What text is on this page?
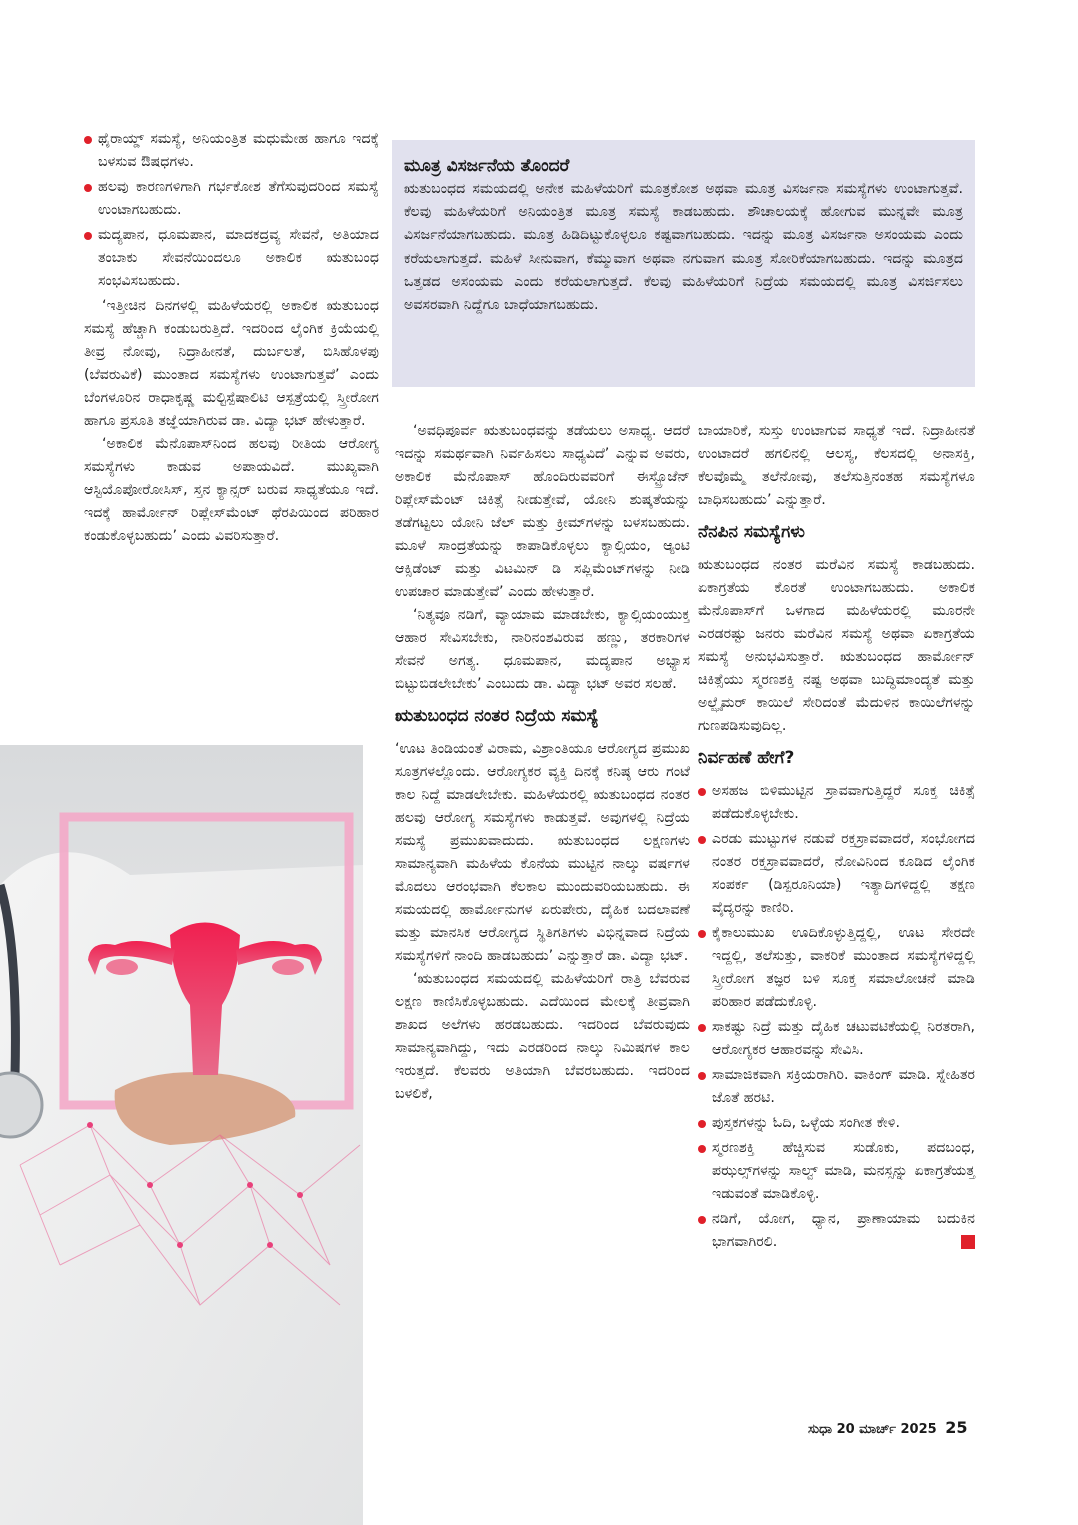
ಥೈರಾಯ್ಡ್ ಸಮಸ್ಯೆ, ಅನಿಯಂತ್ರಿತ ಮಧುಮೇಹ ಹಾಗೂ ಇದಕ್ಕೆ ಬಳಸುವ ಔಷಧಗಳು.
ಹಲವು ಕಾರಣಗಳಿಗಾಗಿ ಗರ್ಭಕೋಶ ತೆಗೆಸುವುದರಿಂದ ಸಮಸ್ಯೆ ಉಂಟಾಗಬಹುದು.
ಮದ್ಯಪಾನ, ಧೂಮಪಾನ, ಮಾದಕದ್ರವ್ಯ ಸೇವನೆ, ಅತಿಯಾದ ತಂಬಾಕು ಸೇವನೆಯಿಂದಲೂ ಅಕಾಲಿಕ ಋತುಬಂಧ ಸಂಭವಿಸಬಹುದು.

‘ಇತ್ತೀಚಿನ ದಿನಗಳಲ್ಲಿ ಮಹಿಳೆಯರಲ್ಲಿ ಅಕಾಲಿಕ ಋತುಬಂಧ ಸಮಸ್ಯೆ ಹೆಚ್ಚಾಗಿ ಕಂಡುಬರುತ್ತಿದೆ. ಇದರಿಂದ ಲೈಂಗಿಕ ಕ್ರಿಯೆಯಲ್ಲಿ ತೀವ್ರ ನೋವು, ನಿದ್ರಾಹೀನತೆ, ದುರ್ಬಲತೆ, ಬಿಸಿಹೊಳಪು (ಬೆವರುವಿಕೆ) ಮುಂತಾದ ಸಮಸ್ಯೆಗಳು ಉಂಟಾಗುತ್ತವೆ’ ಎಂದು ಬೆಂಗಳೂರಿನ ರಾಧಾಕೃಷ್ಣ ಮಲ್ಟಿಸ್ಪೆಷಾಲಿಟಿ ಆಸ್ಪತ್ರೆಯಲ್ಲಿ ಸ್ತ್ರೀರೋಗ ಹಾಗೂ ಪ್ರಸೂತಿ ತಜ್ಞೆಯಾಗಿರುವ ಡಾ. ವಿದ್ಯಾ ಭಟ್ ಹೇಳುತ್ತಾರೆ.

‘ಅಕಾಲಿಕ ಮೆನೊಪಾಸ್‌ನಿಂದ ಹಲವು ರೀತಿಯ ಆರೋಗ್ಯ ಸಮಸ್ಯೆಗಳು ಕಾಡುವ ಅಪಾಯವಿದೆ. ಮುಖ್ಯವಾಗಿ ಆಸ್ಟಿಯೊಪೋರೋಸಿಸ್, ಸ್ತನ ಕ್ಯಾನ್ಸರ್ ಬರುವ ಸಾಧ್ಯತೆಯೂ ಇದೆ. ಇದಕ್ಕೆ ಹಾರ್ಮೋನ್ ರಿಪ್ಲೇಸ್‌ಮೆಂಟ್ ಥೆರಪಿಯಿಂದ ಪರಿಹಾರ ಕಂಡುಕೊಳ್ಳಬಹುದು’ ಎಂದು ವಿವರಿಸುತ್ತಾರೆ.

ಮೂತ್ರ ವಿಸರ್ಜನೆಯ ತೊಂದರೆ
ಋತುಬಂಧದ ಸಮಯದಲ್ಲಿ ಅನೇಕ ಮಹಿಳೆಯರಿಗೆ ಮೂತ್ರಕೋಶ ಅಥವಾ ಮೂತ್ರ ವಿಸರ್ಜನಾ ಸಮಸ್ಯೆಗಳು ಉಂಟಾಗುತ್ತವೆ. ಕೆಲವು ಮಹಿಳೆಯರಿಗೆ ಅನಿಯಂತ್ರಿತ ಮೂತ್ರ ಸಮಸ್ಯೆ ಕಾಡಬಹುದು. ಶೌಚಾಲಯಕ್ಕೆ ಹೋಗುವ ಮುನ್ನವೇ ಮೂತ್ರ ವಿಸರ್ಜನೆಯಾಗಬಹುದು. ಮೂತ್ರ ಹಿಡಿದಿಟ್ಟುಕೊಳ್ಳಲೂ ಕಷ್ಟವಾಗಬಹುದು. ಇದನ್ನು ಮೂತ್ರ ವಿಸರ್ಜನಾ ಅಸಂಯಮ ಎಂದು ಕರೆಯಲಾಗುತ್ತದೆ. ಮಹಿಳೆ ಸೀನುವಾಗ, ಕೆಮ್ಮುವಾಗ ಅಥವಾ ನಗುವಾಗ ಮೂತ್ರ ಸೋರಿಕೆಯಾಗಬಹುದು. ಇದನ್ನು ಮೂತ್ರದ ಒತ್ತಡದ ಅಸಂಯಮ ಎಂದು ಕರೆಯಲಾಗುತ್ತದೆ. ಕೆಲವು ಮಹಿಳೆಯರಿಗೆ ನಿದ್ರೆಯ ಸಮಯದಲ್ಲಿ ಮೂತ್ರ ವಿಸರ್ಜಿಸಲು ಅವಸರವಾಗಿ ನಿದ್ದೆಗೂ ಬಾಧೆಯಾಗಬಹುದು.

‘ಅವಧಿಪೂರ್ವ ಋತುಬಂಧವನ್ನು ತಡೆಯಲು ಅಸಾಧ್ಯ. ಆದರೆ ಇದನ್ನು ಸಮರ್ಥವಾಗಿ ನಿರ್ವಹಿಸಲು ಸಾಧ್ಯವಿದೆ’ ಎನ್ನುವ ಅವರು, ಅಕಾಲಿಕ ಮೆನೊಪಾಸ್ ಹೊಂದಿರುವವರಿಗೆ ಈಸ್ಟ್ರೊಜೆನ್ ರಿಪ್ಲೇಸ್‌ಮೆಂಟ್ ಚಿಕಿತ್ಸೆ ನೀಡುತ್ತೇವೆ, ಯೋನಿ ಶುಷ್ಕತೆಯನ್ನು ತಡೆಗಟ್ಟಲು ಯೋನಿ ಜೆಲ್ ಮತ್ತು ಕ್ರೀಮ್‌ಗಳನ್ನು ಬಳಸಬಹುದು. ಮೂಳೆ ಸಾಂದ್ರತೆಯನ್ನು ಕಾಪಾಡಿಕೊಳ್ಳಲು ಕ್ಯಾಲ್ಸಿಯಂ, ಆ್ಯಂಟಿ ಆಕ್ಸಿಡೆಂಟ್ ಮತ್ತು ವಿಟಮಿನ್ ಡಿ ಸಪ್ಲಿಮೆಂಟ್‌ಗಳನ್ನು ನೀಡಿ ಉಪಚಾರ ಮಾಡುತ್ತೇವೆ’ ಎಂದು ಹೇಳುತ್ತಾರೆ.

‘ನಿತ್ಯವೂ ನಡಿಗೆ, ವ್ಯಾಯಾಮ ಮಾಡಬೇಕು, ಕ್ಯಾಲ್ಸಿಯಂಯುಕ್ತ ಆಹಾರ ಸೇವಿಸಬೇಕು, ನಾರಿನಂಶವಿರುವ ಹಣ್ಣು, ತರಕಾರಿಗಳ ಸೇವನೆ ಅಗತ್ಯ. ಧೂಮಪಾನ, ಮದ್ಯಪಾನ ಅಭ್ಯಾಸ ಬಿಟ್ಟುಬಿಡಲೇಬೇಕು’ ಎಂಬುದು ಡಾ. ವಿದ್ಯಾ ಭಟ್ ಅವರ ಸಲಹೆ.

ಋತುಬಂಧದ ನಂತರ ನಿದ್ರೆಯ ಸಮಸ್ಯೆ

‘ಊಟ ತಿಂಡಿಯಂತೆ ವಿರಾಮ, ವಿಶ್ರಾಂತಿಯೂ ಆರೋಗ್ಯದ ಪ್ರಮುಖ ಸೂತ್ರಗಳಲ್ಲೊಂದು. ಆರೋಗ್ಯಕರ ವ್ಯಕ್ತಿ ದಿನಕ್ಕೆ ಕನಿಷ್ಠ ಆರು ಗಂಟೆ ಕಾಲ ನಿದ್ದೆ ಮಾಡಲೇಬೇಕು. ಮಹಿಳೆಯರಲ್ಲಿ ಋತುಬಂಧದ ನಂತರ ಹಲವು ಆರೋಗ್ಯ ಸಮಸ್ಯೆಗಳು ಕಾಡುತ್ತವೆ. ಅವುಗಳಲ್ಲಿ ನಿದ್ರೆಯ ಸಮಸ್ಯೆ ಪ್ರಮುಖವಾದುದು. ಋತುಬಂಧದ ಲಕ್ಷಣಗಳು ಸಾಮಾನ್ಯವಾಗಿ ಮಹಿಳೆಯ ಕೊನೆಯ ಮುಟ್ಟಿನ ನಾಲ್ಕು ವರ್ಷಗಳ ಮೊದಲು ಆರಂಭವಾಗಿ ಕೆಲಕಾಲ ಮುಂದುವರಿಯಬಹುದು. ಈ ಸಮಯದಲ್ಲಿ ಹಾರ್ಮೋನುಗಳ ಏರುಪೇರು, ದೈಹಿಕ ಬದಲಾವಣೆ ಮತ್ತು ಮಾನಸಿಕ ಆರೋಗ್ಯದ ಸ್ಥಿತಿಗತಿಗಳು ವಿಭಿನ್ನವಾದ ನಿದ್ರೆಯ ಸಮಸ್ಯೆಗಳಿಗೆ ನಾಂದಿ ಹಾಡಬಹುದು’ ಎನ್ನುತ್ತಾರೆ ಡಾ. ವಿದ್ಯಾ ಭಟ್.

‘ಋತುಬಂಧದ ಸಮಯದಲ್ಲಿ ಮಹಿಳೆಯರಿಗೆ ರಾತ್ರಿ ಬೆವರುವ ಲಕ್ಷಣ ಕಾಣಿಸಿಕೊಳ್ಳಬಹುದು. ಎದೆಯಿಂದ ಮೇಲಕ್ಕೆ ತೀವ್ರವಾಗಿ ಶಾಖದ ಅಲೆಗಳು ಹರಡಬಹುದು. ಇದರಿಂದ ಬೆವರುವುದು ಸಾಮಾನ್ಯವಾಗಿದ್ದು, ಇದು ಎರಡರಿಂದ ನಾಲ್ಕು ನಿಮಿಷಗಳ ಕಾಲ ಇರುತ್ತದೆ. ಕೆಲವರು ಅತಿಯಾಗಿ ಬೆವರಬಹುದು. ಇದರಿಂದ ಬಳಲಿಕೆ,

ಬಾಯಾರಿಕೆ, ಸುಸ್ತು ಉಂಟಾಗುವ ಸಾಧ್ಯತೆ ಇದೆ. ನಿದ್ರಾಹೀನತೆ ಉಂಟಾದರೆ ಹಗಲಿನಲ್ಲಿ ಆಲಸ್ಯ, ಕೆಲಸದಲ್ಲಿ ಅನಾಸಕ್ತಿ, ಕೆಲವೊಮ್ಮೆ ತಲೆನೋವು, ತಲೆಸುತ್ತಿನಂತಹ ಸಮಸ್ಯೆಗಳೂ ಬಾಧಿಸಬಹುದು’ ಎನ್ನುತ್ತಾರೆ.

ನೆನಪಿನ ಸಮಸ್ಯೆಗಳು

ಋತುಬಂಧದ ನಂತರ ಮರೆವಿನ ಸಮಸ್ಯೆ ಕಾಡಬಹುದು. ಏಕಾಗ್ರತೆಯ ಕೊರತೆ ಉಂಟಾಗಬಹುದು. ಅಕಾಲಿಕ ಮೆನೊಪಾಸ್‌ಗೆ ಒಳಗಾದ ಮಹಿಳೆಯರಲ್ಲಿ ಮೂರನೇ ಎರಡರಷ್ಟು ಜನರು ಮರೆವಿನ ಸಮಸ್ಯೆ ಅಥವಾ ಏಕಾಗ್ರತೆಯ ಸಮಸ್ಯೆ ಅನುಭವಿಸುತ್ತಾರೆ. ಋತುಬಂಧದ ಹಾರ್ಮೋನ್ ಚಿಕಿತ್ಸೆಯು ಸ್ಮರಣಶಕ್ತಿ ನಷ್ಟ ಅಥವಾ ಬುದ್ಧಿಮಾಂದ್ಯತೆ ಮತ್ತು ಅಲ್ಝೈಮರ್ ಕಾಯಿಲೆ ಸೇರಿದಂತೆ ಮೆದುಳಿನ ಕಾಯಿಲೆಗಳನ್ನು ಗುಣಪಡಿಸುವುದಿಲ್ಲ.

ನಿರ್ವಹಣೆ ಹೇಗೆ?
ಅಸಹಜ ಬಿಳಿಮುಟ್ಟಿನ ಸ್ರಾವವಾಗುತ್ತಿದ್ದರೆ ಸೂಕ್ತ ಚಿಕಿತ್ಸೆ ಪಡೆದುಕೊಳ್ಳಬೇಕು.
ಎರಡು ಮುಟ್ಟುಗಳ ನಡುವೆ ರಕ್ತಸ್ರಾವವಾದರೆ, ಸಂಭೋಗದ ನಂತರ ರಕ್ತಸ್ರಾವವಾದರೆ, ನೋವಿನಿಂದ ಕೂಡಿದ ಲೈಂಗಿಕ ಸಂಪರ್ಕ (ಡಿಸ್ಪರೂನಿಯಾ) ಇತ್ಯಾದಿಗಳಿದ್ದಲ್ಲಿ ತಕ್ಷಣ ವೈದ್ಯರನ್ನು ಕಾಣಿರಿ.
ಕೈಕಾಲುಮುಖ ಊದಿಕೊಳ್ಳುತ್ತಿದ್ದಲ್ಲಿ, ಊಟ ಸೇರದೇ ಇದ್ದಲ್ಲಿ, ತಲೆಸುತ್ತು, ವಾಕರಿಕೆ ಮುಂತಾದ ಸಮಸ್ಯೆಗಳಿದ್ದಲ್ಲಿ ಸ್ತ್ರೀರೋಗ ತಜ್ಞರ ಬಳಿ ಸೂಕ್ತ ಸಮಾಲೋಚನೆ ಮಾಡಿ ಪರಿಹಾರ ಪಡೆದುಕೊಳ್ಳಿ.
ಸಾಕಷ್ಟು ನಿದ್ರೆ ಮತ್ತು ದೈಹಿಕ ಚಟುವಟಿಕೆಯಲ್ಲಿ ನಿರತರಾಗಿ, ಆರೋಗ್ಯಕರ ಆಹಾರವನ್ನು ಸೇವಿಸಿ.
ಸಾಮಾಜಿಕವಾಗಿ ಸಕ್ರಿಯರಾಗಿರಿ. ವಾಕಿಂಗ್ ಮಾಡಿ. ಸ್ನೇಹಿತರ ಜೊತೆ ಹರಟಿ.
ಪುಸ್ತಕಗಳನ್ನು ಓದಿ, ಒಳ್ಳೆಯ ಸಂಗೀತ ಕೇಳಿ.
ಸ್ಮರಣಶಕ್ತಿ ಹೆಚ್ಚಿಸುವ ಸುಡೊಕು, ಪದಬಂಧ, ಪಝಲ್ಸ್‌ಗಳನ್ನು ಸಾಲ್ವ್ ಮಾಡಿ, ಮನಸ್ಸನ್ನು ಏಕಾಗ್ರತೆಯತ್ತ ಇಡುವಂತೆ ಮಾಡಿಕೊಳ್ಳಿ.
ನಡಿಗೆ, ಯೋಗ, ಧ್ಯಾನ, ಪ್ರಾಣಾಯಾಮ ಬದುಕಿನ ಭಾಗವಾಗಿರಲಿ.
ಸುಧಾ 20 ಮಾರ್ಚ್ 2025 25
